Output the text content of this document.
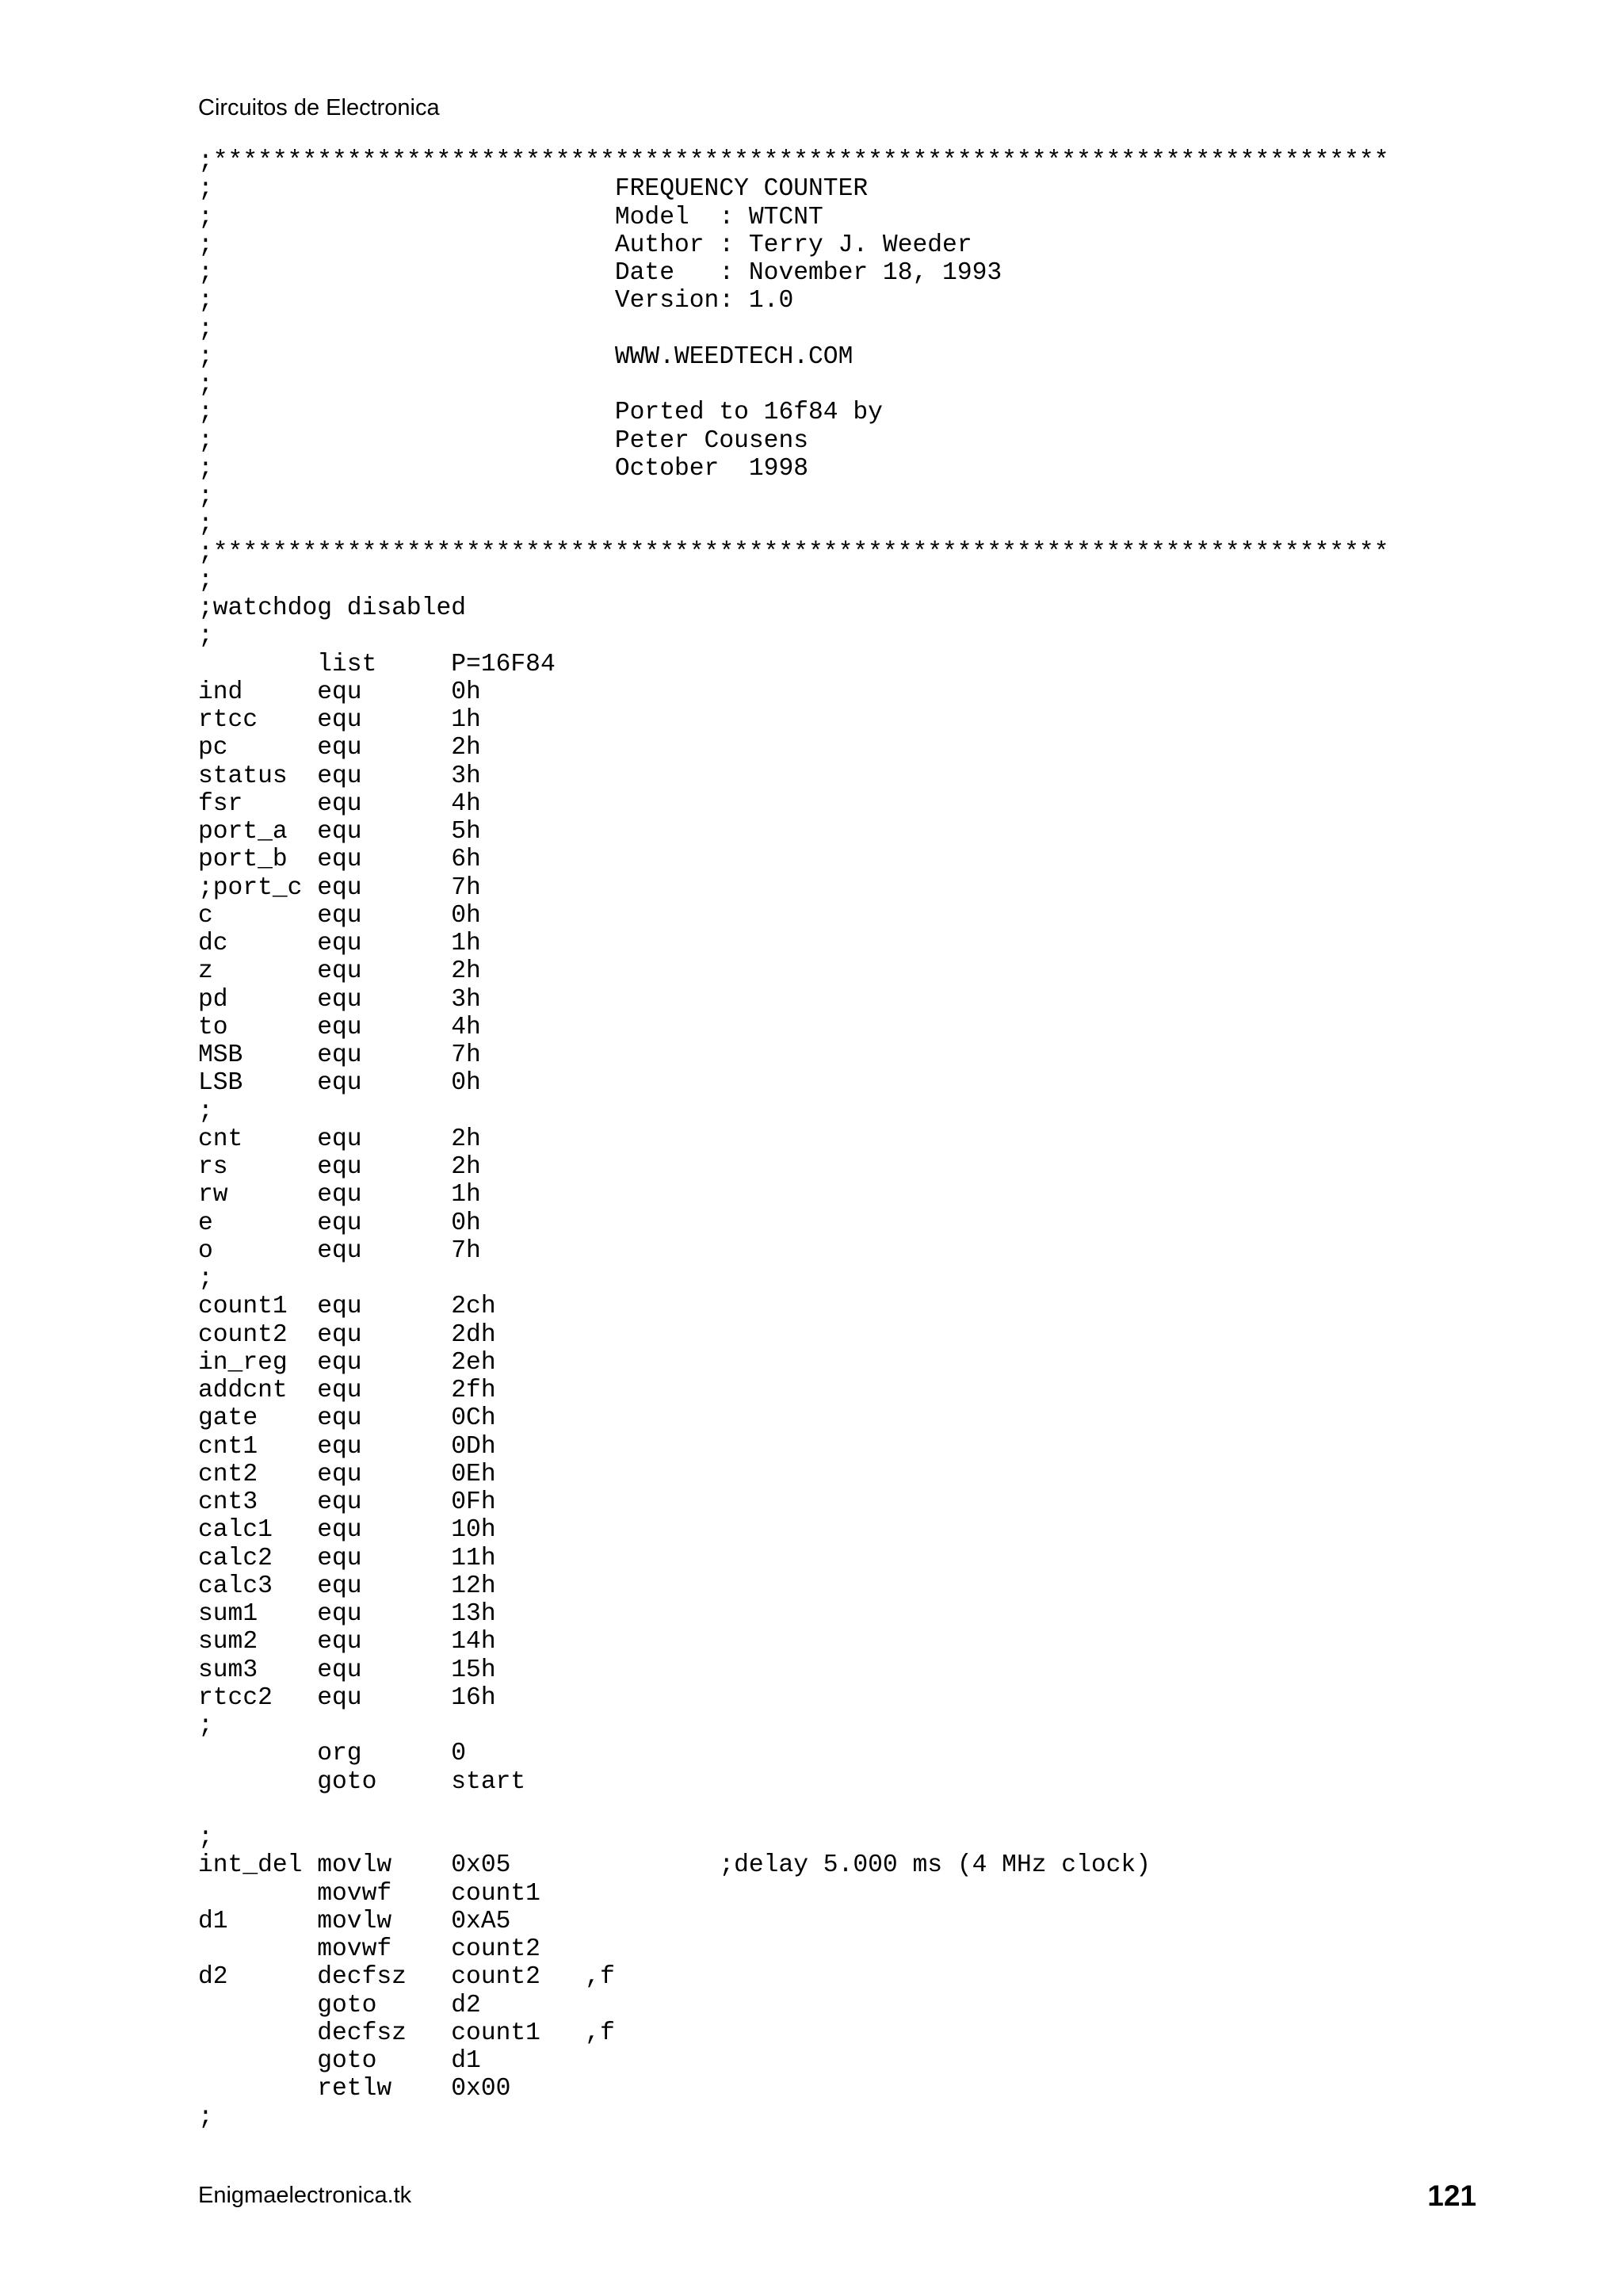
Circuitos de Electronica
;*******************************************************************************
;                           FREQUENCY COUNTER
;                           Model  : WTCNT
;                           Author : Terry J. Weeder
;                           Date   : November 18, 1993
;                           Version: 1.0
;
;                           WWW.WEEDTECH.COM
;
;                           Ported to 16f84 by
;                           Peter Cousens
;                           October  1998
;
;
;*******************************************************************************
;
;watchdog disabled
;
list     P=16F84
ind     equ      0h
rtcc    equ      1h
pc      equ      2h
status  equ      3h
fsr     equ      4h
port_a  equ      5h
port_b  equ      6h
;port_c equ      7h
c       equ      0h
dc      equ      1h
z       equ      2h
pd      equ      3h
to      equ      4h
MSB     equ      7h
LSB     equ      0h
;
cnt     equ      2h
rs      equ      2h
rw      equ      1h
e       equ      0h
o       equ      7h
;
count1  equ      2ch
count2  equ      2dh
in_reg  equ      2eh
addcnt  equ      2fh
gate    equ      0Ch
cnt1    equ      0Dh
cnt2    equ      0Eh
cnt3    equ      0Fh
calc1   equ      10h
calc2   equ      11h
calc3   equ      12h
sum1    equ      13h
sum2    equ      14h
sum3    equ      15h
rtcc2   equ      16h
;
org      0
goto     start
;
int_del movlw    0x05              ;delay 5.000 ms (4 MHz clock)
movwf    count1
d1      movlw    0xA5
movwf    count2
d2      decfsz   count2   ,f
goto     d2
decfsz   count1   ,f
goto     d1
retlw    0x00
;
Enigmaelectronica.tk	121
